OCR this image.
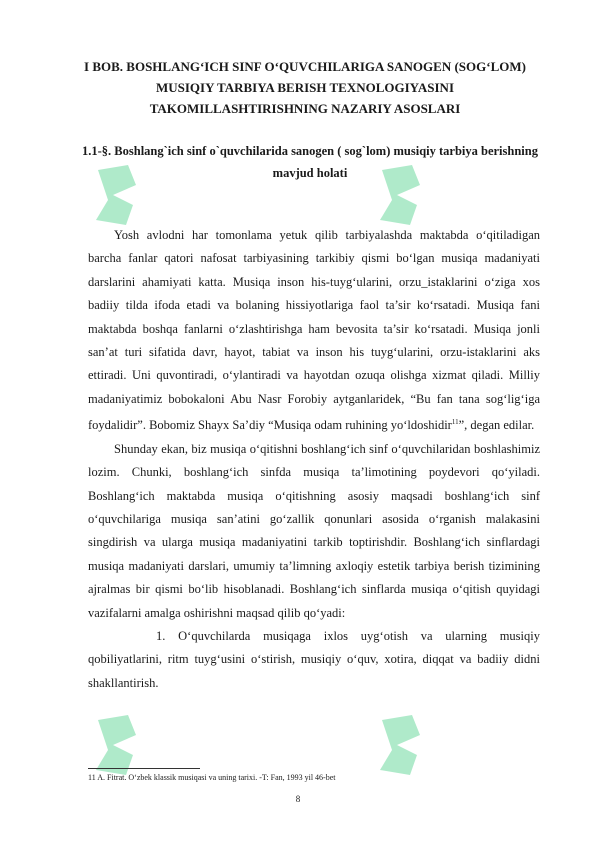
I BOB. BOSHLANG‘ICH SINF O‘QUVCHILARIGA SANOGEN (SOG‘LOM) MUSIQIY TARBIYA BERISH TEXNOLOGIYASINI TAKOMILLASHTIRISHNING NAZARIY ASOSLARI
1.1-§. Boshlang`ich sinf o`quvchilarida sanogen ( sog`lom) musiqiy tarbiya berishning mavjud holati

Yosh avlodni har tomonlama yetuk qilib tarbiyalashda maktabda o‘qitiladigan barcha fanlar qatori nafosat tarbiyasining tarkibiy qismi bo‘lgan musiqa madaniyati darslarini ahamiyati katta. Musiqa inson his-tuyg‘ularini, orzu_istaklarini o‘ziga xos badiiy tilda ifoda etadi va bolaning hissiyotlariga faol ta’sir ko‘rsatadi. Musiqa fani maktabda boshqa fanlarni o‘zlashtirishga ham bevosita ta’sir ko‘rsatadi. Musiqa jonli san’at turi sifatida davr, hayot, tabiat va inson his tuyg‘ularini, orzu-istaklarini aks ettiradi. Uni quvontiradi, o‘ylantiradi va hayotdan ozuqa olishga xizmat qiladi. Milliy madaniyatimiz bobokaloni Abu Nasr Forobiy aytganlaridek, “Bu fan tana sog‘lig‘iga foydalidir”. Bobomiz Shayx Sa’diy “Musiqa odam ruhining yo‘ldoshidir$^{11}$”, degan edilar.

Shunday ekan, biz musiqa o‘qitishni boshlang‘ich sinf o‘quvchilaridan boshlashimiz lozim. Chunki, boshlang‘ich sinfda musiqa ta’limotining poydevori qo‘yiladi. Boshlang‘ich maktabda musiqa o‘qitishning asosiy maqsadi boshlang‘ich sinf o‘quvchilariga musiqa san’atini go‘zallik qonunlari asosida o‘rganish malakasini singdirish va ularga musiqa madaniyatini tarkib toptirishdir. Boshlang‘ich sinflardagi musiqa madaniyati darslari, umumiy ta’limning axloqiy estetik tarbiya berish tizimining ajralmas bir qismi bo‘lib hisoblanadi. Boshlang‘ich sinflarda musiqa o‘qitish quyidagi vazifalarni amalga oshirishni maqsad qilib qo‘yadi:

1. O‘quvchilarda musiqaga ixlos uyg‘otish va ularning musiqiy qobiliyatlarini, ritm tuyg‘usini o‘stirish, musiqiy o‘quv, xotira, diqqat va badiiy didni shakllantirish.

11 A. Fitrat. O‘zbek klassik musiqasi va uning tarixi. -T: Fan, 1993 yil 46-bet
8
